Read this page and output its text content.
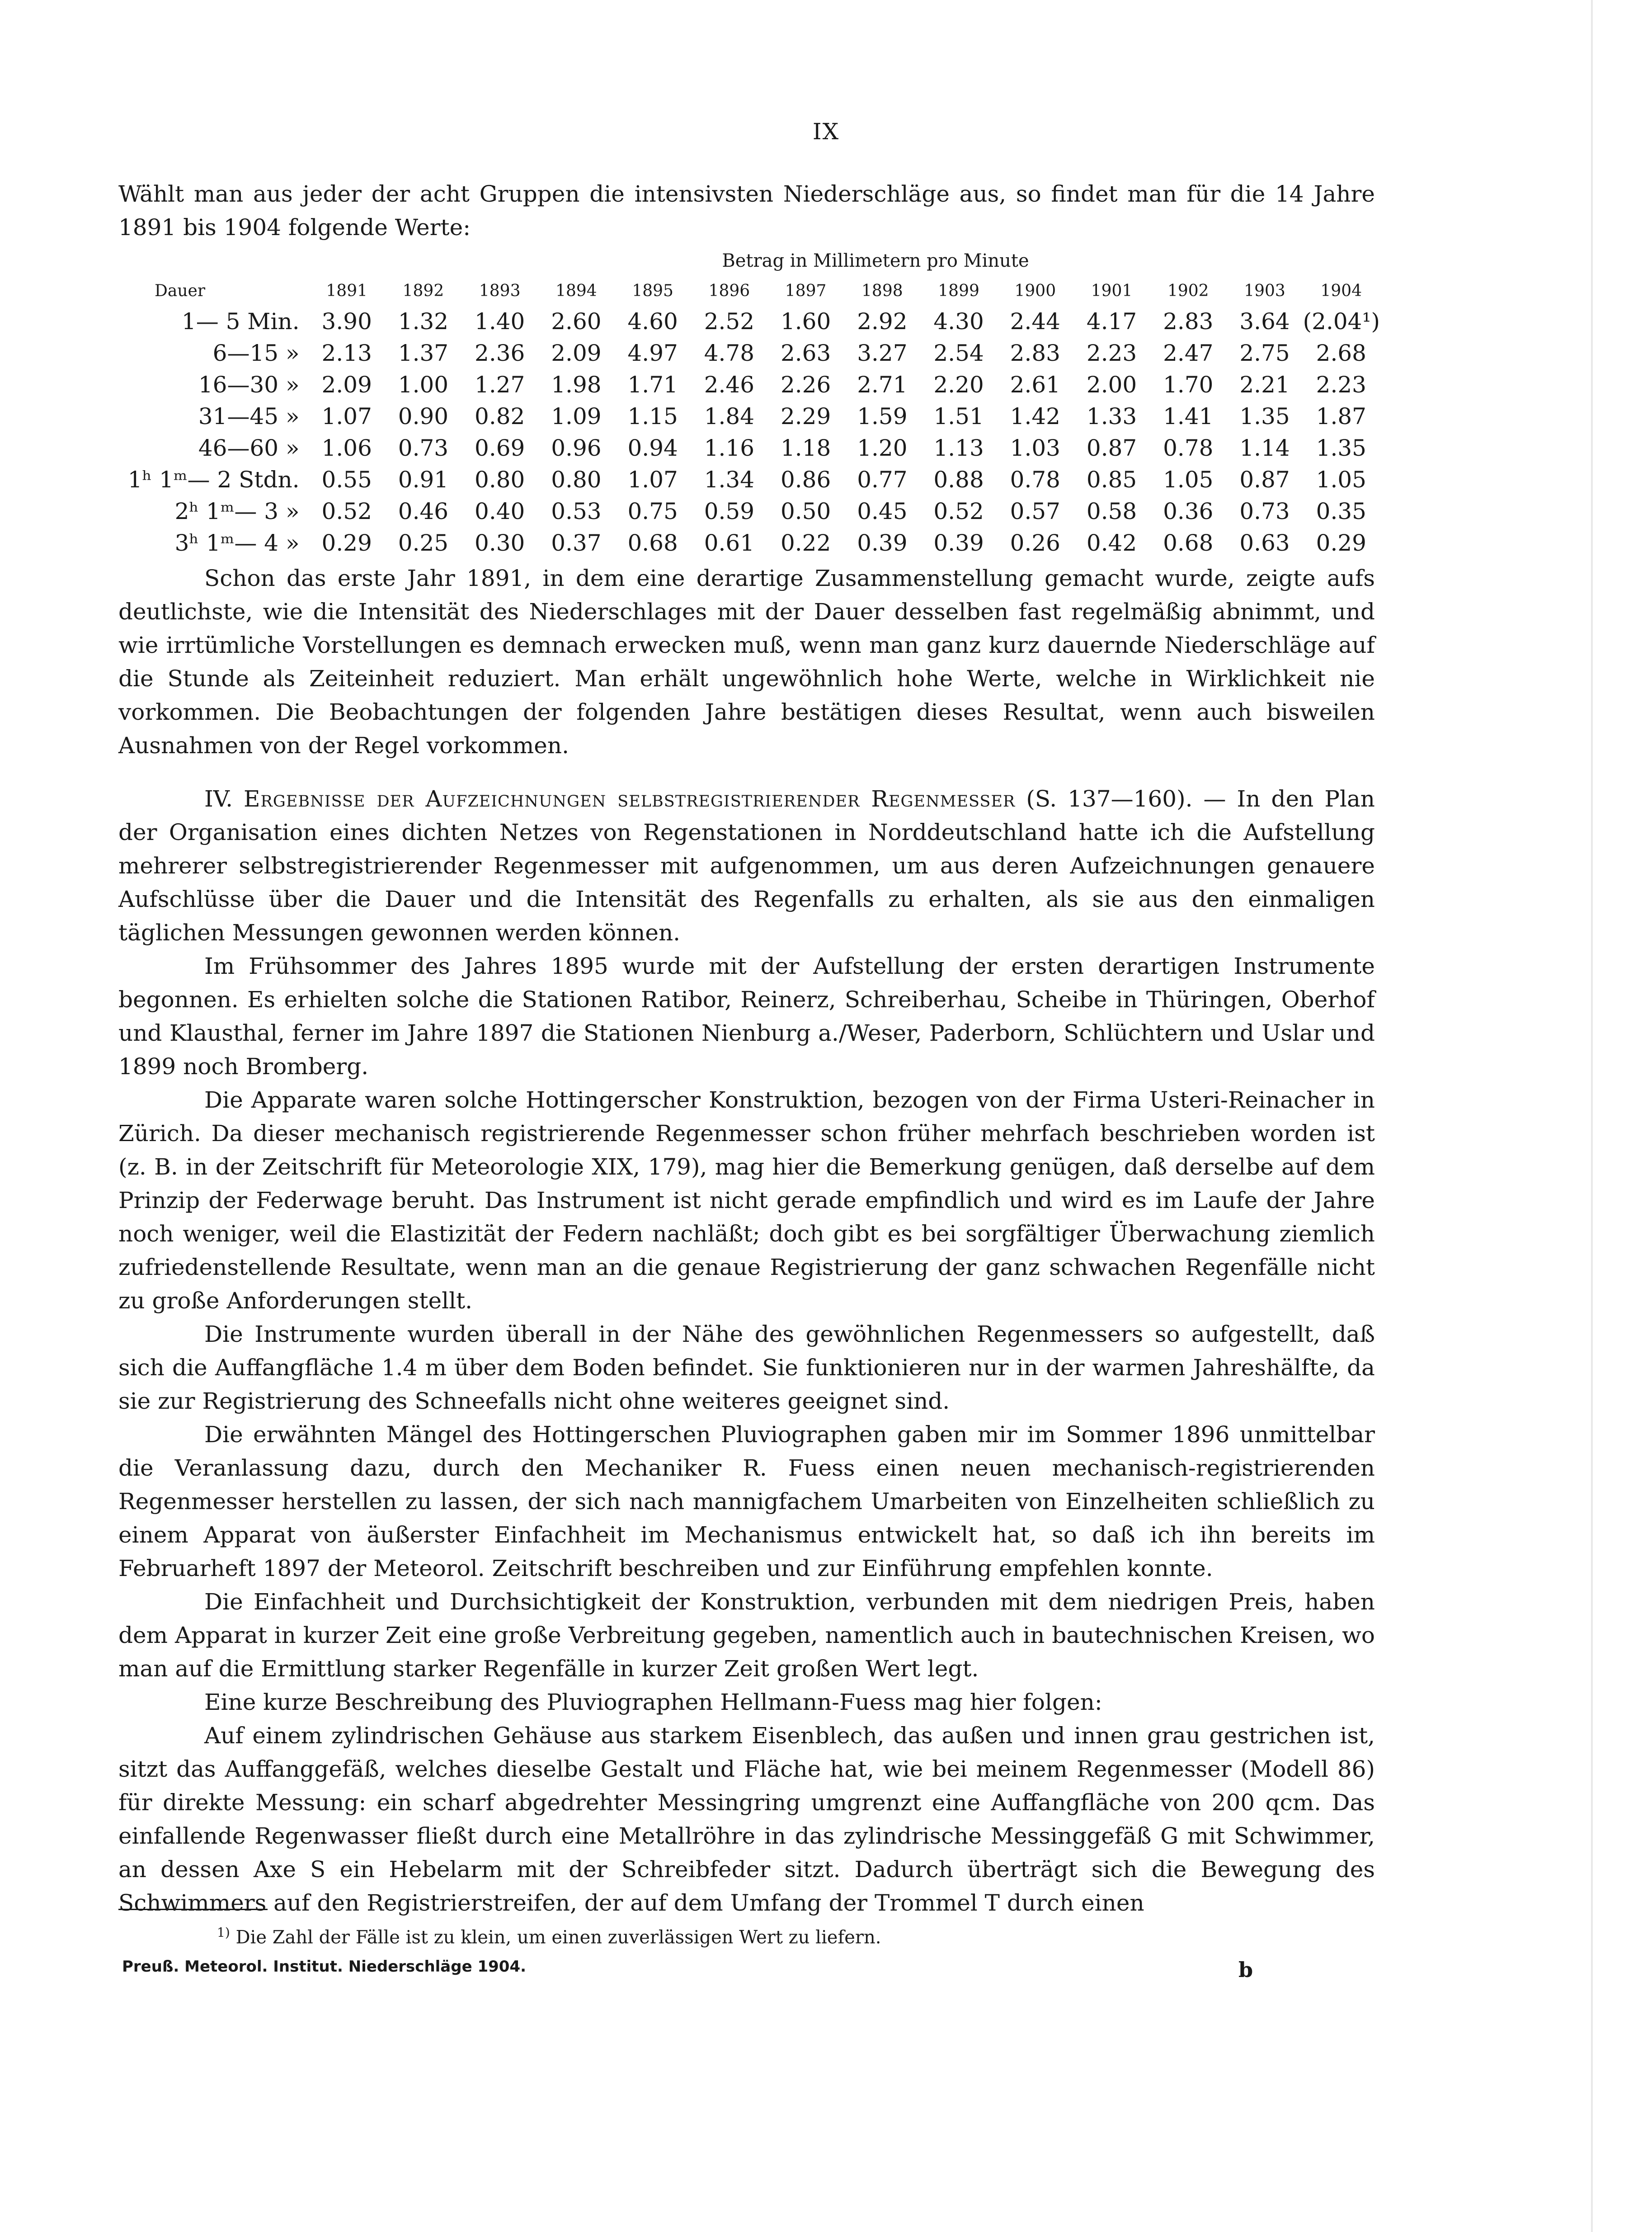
IX

Wählt man aus jeder der acht Gruppen die intensivsten Niederschläge aus, so findet man für die 14 Jahre 1891 bis 1904 folgende Werte:

Betrag in Millimetern pro Minute
Dauer	1891	1892	1893	1894	1895	1896	1897	1898	1899	1900	1901	1902	1903	1904
1— 5 Min.	3.90	1.32	1.40	2.60	4.60	2.52	1.60	2.92	4.30	2.44	4.17	2.83	3.64	(2.04¹)
6—15 »	2.13	1.37	2.36	2.09	4.97	4.78	2.63	3.27	2.54	2.83	2.23	2.47	2.75	2.68
16—30 »	2.09	1.00	1.27	1.98	1.71	2.46	2.26	2.71	2.20	2.61	2.00	1.70	2.21	2.23
31—45 »	1.07	0.90	0.82	1.09	1.15	1.84	2.29	1.59	1.51	1.42	1.33	1.41	1.35	1.87
46—60 »	1.06	0.73	0.69	0.96	0.94	1.16	1.18	1.20	1.13	1.03	0.87	0.78	1.14	1.35
1ʰ 1ᵐ— 2 Stdn.	0.55	0.91	0.80	0.80	1.07	1.34	0.86	0.77	0.88	0.78	0.85	1.05	0.87	1.05
2ʰ 1ᵐ— 3 »	0.52	0.46	0.40	0.53	0.75	0.59	0.50	0.45	0.52	0.57	0.58	0.36	0.73	0.35
3ʰ 1ᵐ— 4 »	0.29	0.25	0.30	0.37	0.68	0.61	0.22	0.39	0.39	0.26	0.42	0.68	0.63	0.29

Schon das erste Jahr 1891, in dem eine derartige Zusammenstellung gemacht wurde, zeigte aufs deutlichste, wie die Intensität des Niederschlages mit der Dauer desselben fast regelmäßig abnimmt, und wie irrtümliche Vorstellungen es demnach erwecken muß, wenn man ganz kurz dauernde Niederschläge auf die Stunde als Zeiteinheit reduziert. Man erhält ungewöhnlich hohe Werte, welche in Wirklichkeit nie vorkommen. Die Beobachtungen der folgenden Jahre bestätigen dieses Resultat, wenn auch bisweilen Ausnahmen von der Regel vorkommen.

IV. Ergebnisse der Aufzeichnungen selbstregistrierender Regenmesser (S. 137—160). — In den Plan der Organisation eines dichten Netzes von Regenstationen in Norddeutschland hatte ich die Aufstellung mehrerer selbstregistrierender Regenmesser mit aufgenommen, um aus deren Aufzeichnungen genauere Aufschlüsse über die Dauer und die Intensität des Regenfalls zu erhalten, als sie aus den einmaligen täglichen Messungen gewonnen werden können.

Im Frühsommer des Jahres 1895 wurde mit der Aufstellung der ersten derartigen Instrumente begonnen. Es erhielten solche die Stationen Ratibor, Reinerz, Schreiberhau, Scheibe in Thüringen, Oberhof und Klausthal, ferner im Jahre 1897 die Stationen Nienburg a./Weser, Paderborn, Schlüchtern und Uslar und 1899 noch Bromberg.

Die Apparate waren solche Hottingerscher Konstruktion, bezogen von der Firma Usteri-Reinacher in Zürich. Da dieser mechanisch registrierende Regenmesser schon früher mehrfach beschrieben worden ist (z. B. in der Zeitschrift für Meteorologie XIX, 179), mag hier die Bemerkung genügen, daß derselbe auf dem Prinzip der Federwage beruht. Das Instrument ist nicht gerade empfindlich und wird es im Laufe der Jahre noch weniger, weil die Elastizität der Federn nachläßt; doch gibt es bei sorgfältiger Überwachung ziemlich zufriedenstellende Resultate, wenn man an die genaue Registrierung der ganz schwachen Regenfälle nicht zu große Anforderungen stellt.

Die Instrumente wurden überall in der Nähe des gewöhnlichen Regenmessers so aufgestellt, daß sich die Auffangfläche 1.4 m über dem Boden befindet. Sie funktionieren nur in der warmen Jahreshälfte, da sie zur Registrierung des Schneefalls nicht ohne weiteres geeignet sind.

Die erwähnten Mängel des Hottingerschen Pluviographen gaben mir im Sommer 1896 unmittelbar die Veranlassung dazu, durch den Mechaniker R. Fuess einen neuen mechanisch-registrierenden Regenmesser herstellen zu lassen, der sich nach mannigfachem Umarbeiten von Einzelheiten schließlich zu einem Apparat von äußerster Einfachheit im Mechanismus entwickelt hat, so daß ich ihn bereits im Februarheft 1897 der Meteorol. Zeitschrift beschreiben und zur Einführung empfehlen konnte.

Die Einfachheit und Durchsichtigkeit der Konstruktion, verbunden mit dem niedrigen Preis, haben dem Apparat in kurzer Zeit eine große Verbreitung gegeben, namentlich auch in bautechnischen Kreisen, wo man auf die Ermittlung starker Regenfälle in kurzer Zeit großen Wert legt.

Eine kurze Beschreibung des Pluviographen Hellmann-Fuess mag hier folgen:

Auf einem zylindrischen Gehäuse aus starkem Eisenblech, das außen und innen grau gestrichen ist, sitzt das Auffanggefäß, welches dieselbe Gestalt und Fläche hat, wie bei meinem Regenmesser (Modell 86) für direkte Messung: ein scharf abgedrehter Messingring umgrenzt eine Auffangfläche von 200 qcm. Das einfallende Regenwasser fließt durch eine Metallröhre in das zylindrische Messinggefäß G mit Schwimmer, an dessen Axe S ein Hebelarm mit der Schreibfeder sitzt. Dadurch überträgt sich die Bewegung des Schwimmers auf den Registrierstreifen, der auf dem Umfang der Trommel T durch einen

$^{1)}$ Die Zahl der Fälle ist zu klein, um einen zuverlässigen Wert zu liefern.
Preuß. Meteorol. Institut. Niederschläge 1904.	b
